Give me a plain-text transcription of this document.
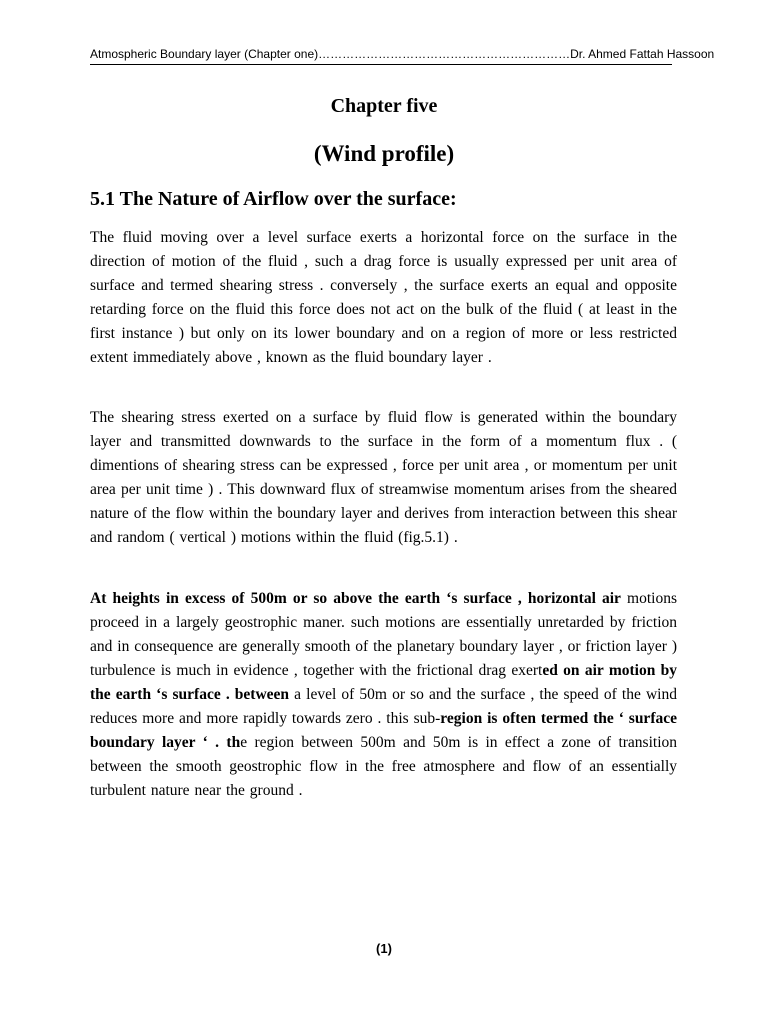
Atmospheric Boundary layer (Chapter one) ……………………………………………………… Dr. Ahmed Fattah Hassoon
Chapter five
(Wind profile)
5.1 The Nature of Airflow over the surface:

The fluid moving over a level surface exerts a horizontal force on the surface in the direction of motion of the fluid , such a drag force is usually expressed per unit area of surface and termed shearing stress . conversely , the surface exerts an equal and opposite retarding force on the fluid this force does not act on the bulk of the fluid ( at least in the first instance ) but only on its lower boundary and on a region of more or less restricted extent immediately above , known as the fluid boundary layer .

The shearing stress exerted on a surface by fluid flow is generated within the boundary layer and transmitted downwards to the surface in the form of a momentum flux . ( dimentions of shearing stress can be expressed , force per unit area , or momentum per unit area per unit time ) . This downward flux of streamwise momentum arises from the sheared nature of the flow within the boundary layer and derives from interaction between this shear and random ( vertical ) motions within the fluid (fig.5.1) .

At heights in excess of 500m or so above the earth ‘s surface , horizontal air motions proceed in a largely geostrophic maner. such motions are essentially unretarded by friction and in consequence are generally smooth of the planetary boundary layer , or friction layer ) turbulence is much in evidence , together with the frictional drag exerted on air motion by the earth ‘s surface . between a level of 50m or so and the surface , the speed of the wind reduces more and more rapidly towards zero . this sub-region is often termed the ‘ surface boundary layer ‘ . the region between 500m and 50m is in effect a zone of transition between the smooth geostrophic flow in the free atmosphere and flow of an essentially turbulent nature near the ground .

(1)
